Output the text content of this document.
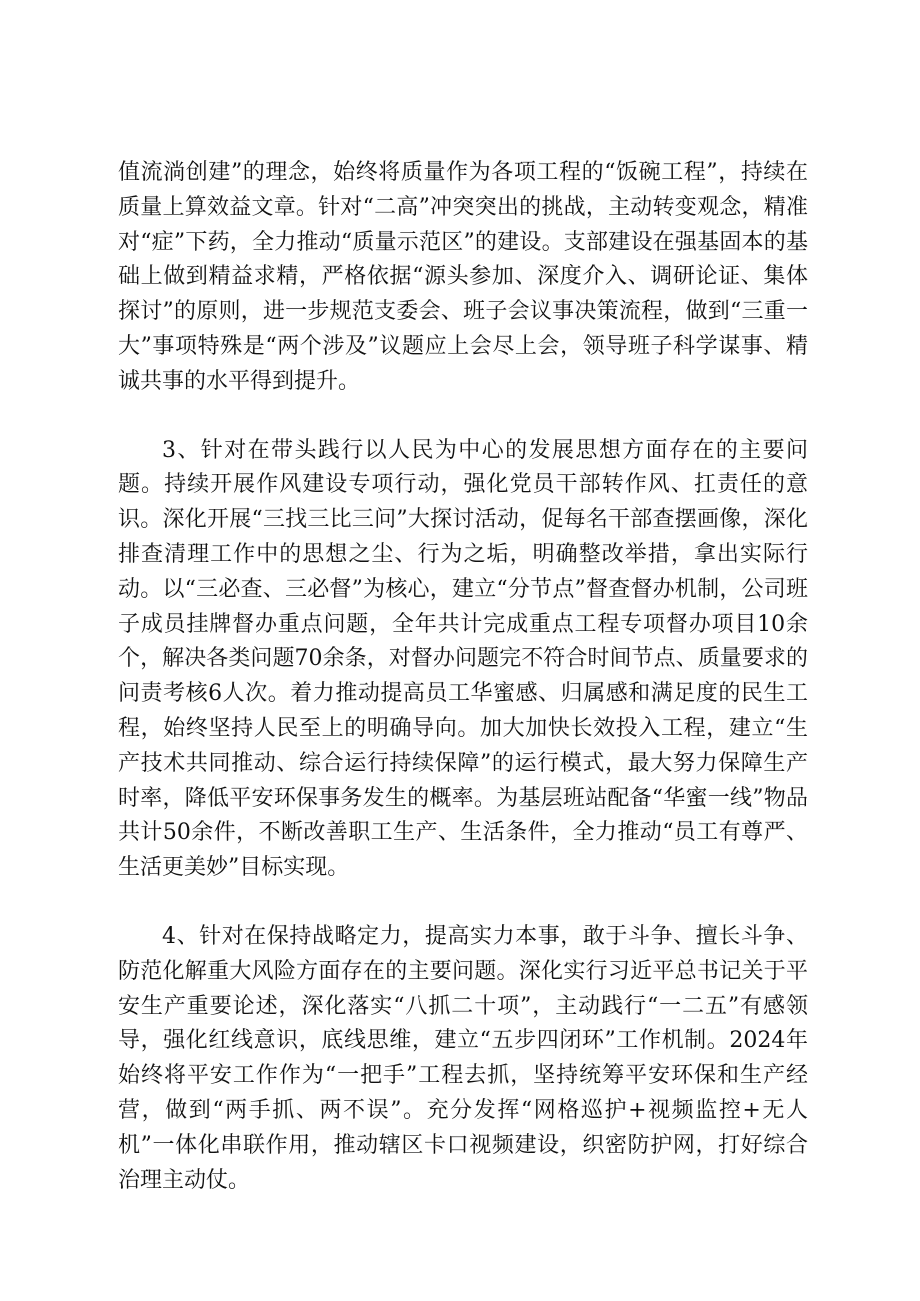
值流淌创建”的理念，始终将质量作为各项工程的“饭碗工程”，持续在质量上算效益文章。针对“二高”冲突突出的挑战，主动转变观念，精准对“症”下药，全力推动“质量示范区”的建设。支部建设在强基固本的基础上做到精益求精，严格依据“源头参加、深度介入、调研论证、集体探讨”的原则，进一步规范支委会、班子会议事决策流程，做到“三重一大”事项特殊是“两个涉及”议题应上会尽上会，领导班子科学谋事、精诚共事的水平得到提升。

3、针对在带头践行以人民为中心的发展思想方面存在的主要问题。持续开展作风建设专项行动，强化党员干部转作风、扛责任的意识。深化开展“三找三比三问”大探讨活动，促每名干部查摆画像，深化排查清理工作中的思想之尘、行为之垢，明确整改举措，拿出实际行动。以“三必查、三必督”为核心，建立“分节点”督查督办机制，公司班子成员挂牌督办重点问题，全年共计完成重点工程专项督办项目10余个，解决各类问题70余条，对督办问题完不符合时间节点、质量要求的问责考核6人次。着力推动提高员工华蜜感、归属感和满足度的民生工程，始终坚持人民至上的明确导向。加大加快长效投入工程，建立“生产技术共同推动、综合运行持续保障”的运行模式，最大努力保障生产时率，降低平安环保事务发生的概率。为基层班站配备“华蜜一线”物品共计50余件，不断改善职工生产、生活条件，全力推动“员工有尊严、生活更美妙”目标实现。

4、针对在保持战略定力，提高实力本事，敢于斗争、擅长斗争、防范化解重大风险方面存在的主要问题。深化实行习近平总书记关于平安生产重要论述，深化落实“八抓二十项”，主动践行“一二五”有感领导，强化红线意识，底线思维，建立“五步四闭环”工作机制。2024年始终将平安工作作为“一把手”工程去抓，坚持统筹平安环保和生产经营，做到“两手抓、两不误”。充分发挥“网格巡护+视频监控+无人机”一体化串联作用，推动辖区卡口视频建设，织密防护网，打好综合治理主动仗。
